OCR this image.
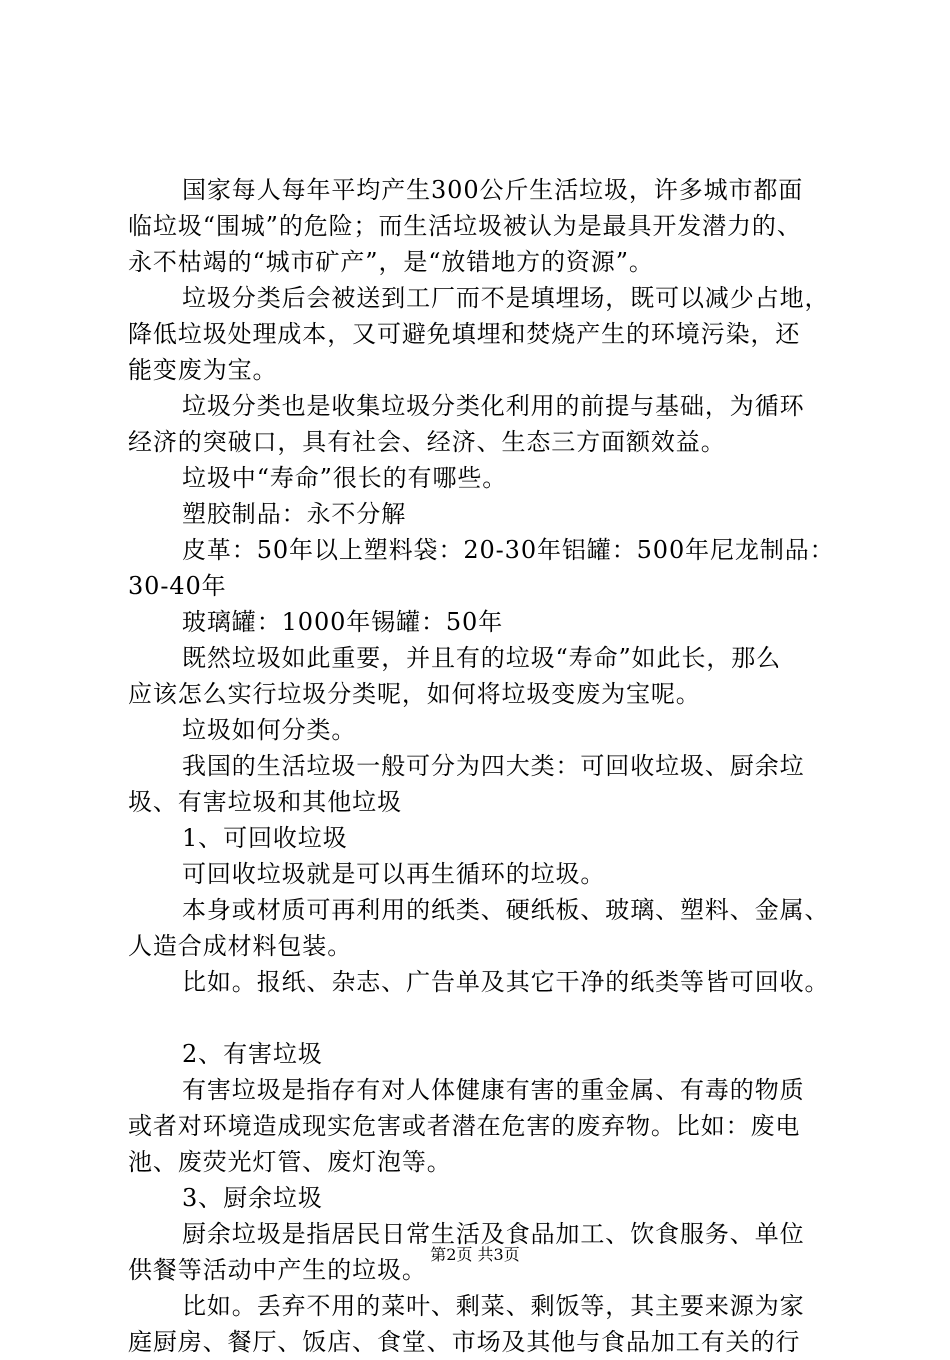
国家每人每年平均产生300公斤生活垃圾，许多城市都面
临垃圾“围城”的危险；而生活垃圾被认为是最具开发潜力的、
永不枯竭的“城市矿产”，是“放错地方的资源”。
垃圾分类后会被送到工厂而不是填埋场，既可以减少占地，
降低垃圾处理成本，又可避免填埋和焚烧产生的环境污染，还
能变废为宝。
垃圾分类也是收集垃圾分类化利用的前提与基础，为循环
经济的突破口，具有社会、经济、生态三方面额效益。
垃圾中“寿命”很长的有哪些。
塑胶制品：永不分解
皮革：50年以上塑料袋：20-30年铝罐：500年尼龙制品：
30-40年
玻璃罐：1000年锡罐：50年
既然垃圾如此重要，并且有的垃圾“寿命”如此长，那么
应该怎么实行垃圾分类呢，如何将垃圾变废为宝呢。
垃圾如何分类。
我国的生活垃圾一般可分为四大类：可回收垃圾、厨余垃
圾、有害垃圾和其他垃圾
1、可回收垃圾
可回收垃圾就是可以再生循环的垃圾。
本身或材质可再利用的纸类、硬纸板、玻璃、塑料、金属、
人造合成材料包装。
比如。报纸、杂志、广告单及其它干净的纸类等皆可回收。
2、有害垃圾
有害垃圾是指存有对人体健康有害的重金属、有毒的物质
或者对环境造成现实危害或者潜在危害的废弃物。比如：废电
池、废荧光灯管、废灯泡等。
3、厨余垃圾
厨余垃圾是指居民日常生活及食品加工、饮食服务、单位
供餐等活动中产生的垃圾。
比如。丢弃不用的菜叶、剩菜、剩饭等，其主要来源为家
庭厨房、餐厅、饭店、食堂、市场及其他与食品加工有关的行
第2页 共3页
